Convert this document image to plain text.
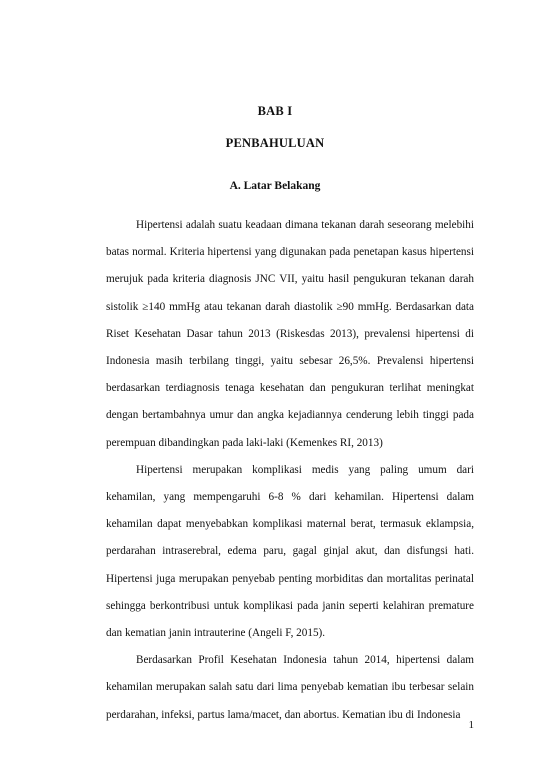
BAB I
PENBAHULUAN
A. Latar Belakang

Hipertensi adalah suatu keadaan dimana tekanan darah seseorang melebihi batas normal. Kriteria hipertensi yang digunakan pada penetapan kasus hipertensi merujuk pada kriteria diagnosis JNC VII, yaitu hasil pengukuran tekanan darah sistolik ≥140 mmHg atau tekanan darah diastolik ≥90 mmHg. Berdasarkan data Riset Kesehatan Dasar tahun 2013 (Riskesdas 2013), prevalensi hipertensi di Indonesia masih terbilang tinggi, yaitu sebesar 26,5%. Prevalensi hipertensi berdasarkan terdiagnosis tenaga kesehatan dan pengukuran terlihat meningkat dengan bertambahnya umur dan angka kejadiannya cenderung lebih tinggi pada perempuan dibandingkan pada laki-laki (Kemenkes RI, 2013)

Hipertensi merupakan komplikasi medis yang paling umum dari kehamilan, yang mempengaruhi 6-8 % dari kehamilan. Hipertensi dalam kehamilan dapat menyebabkan komplikasi maternal berat, termasuk eklampsia, perdarahan intraserebral, edema paru, gagal ginjal akut, dan disfungsi hati. Hipertensi juga merupakan penyebab penting morbiditas dan mortalitas perinatal sehingga berkontribusi untuk komplikasi pada janin seperti kelahiran premature dan kematian janin intrauterine (Angeli F, 2015).

Berdasarkan Profil Kesehatan Indonesia tahun 2014, hipertensi dalam kehamilan merupakan salah satu dari lima penyebab kematian ibu terbesar selain perdarahan, infeksi, partus lama/macet, dan abortus. Kematian ibu di Indonesia

1
